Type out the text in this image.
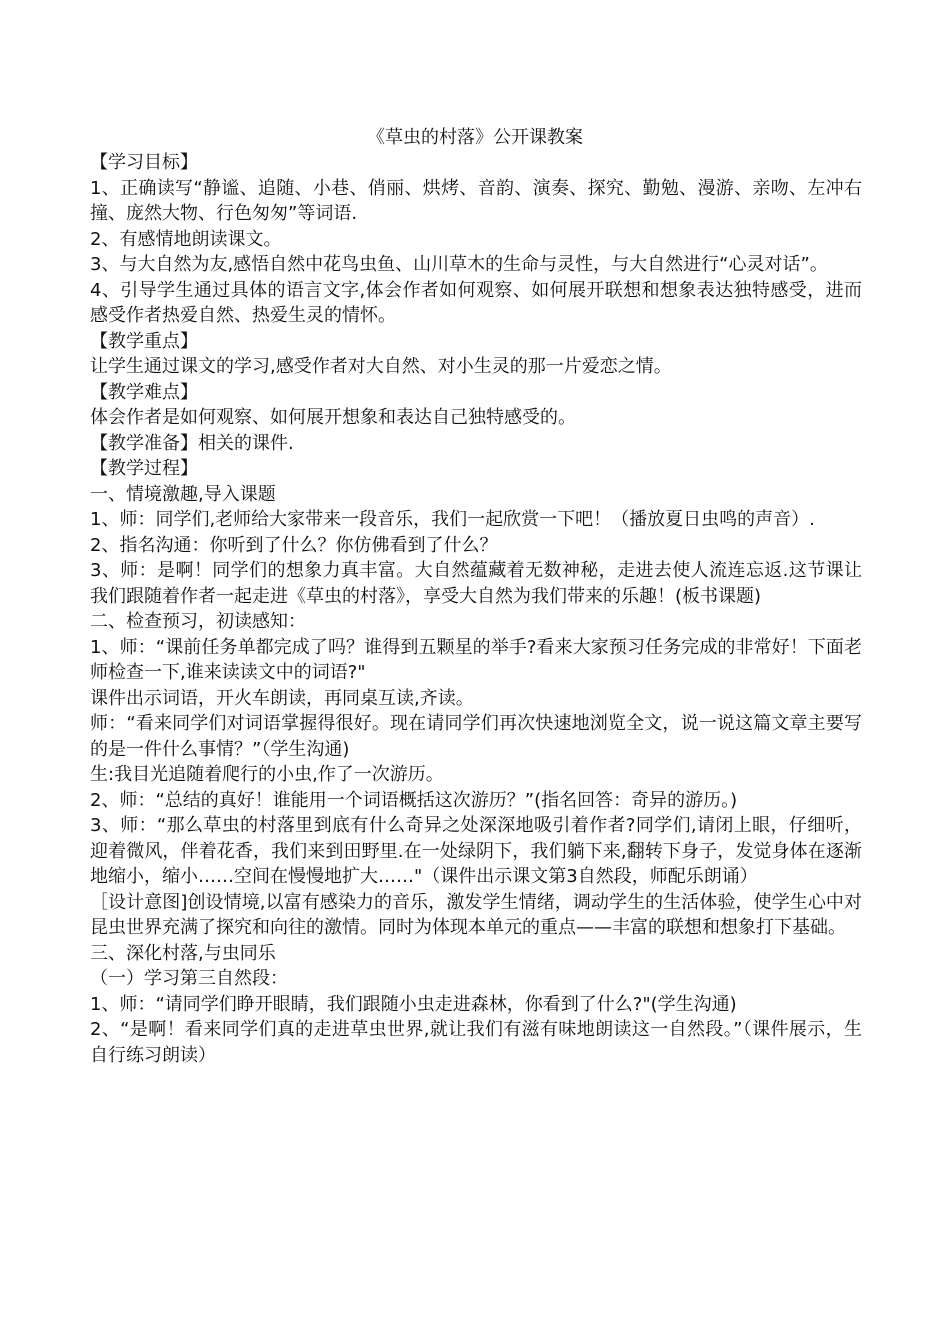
《草虫的村落》公开课教案

【学习目标】

1、正确读写“静谧、追随、小巷、俏丽、烘烤、音韵、演奏、探究、勤勉、漫游、亲吻、左冲右撞、庞然大物、行色匆匆”等词语.

2、有感情地朗读课文。

3、与大自然为友,感悟自然中花鸟虫鱼、山川草木的生命与灵性，与大自然进行“心灵对话”。

4、引导学生通过具体的语言文字,体会作者如何观察、如何展开联想和想象表达独特感受，进而感受作者热爱自然、热爱生灵的情怀。

【教学重点】

让学生通过课文的学习,感受作者对大自然、对小生灵的那一片爱恋之情。

【教学难点】

体会作者是如何观察、如何展开想象和表达自己独特感受的。

【教学准备】相关的课件.

【教学过程】

一、情境激趣,导入课题

1、师：同学们,老师给大家带来一段音乐，我们一起欣赏一下吧！（播放夏日虫鸣的声音）.

2、指名沟通：你听到了什么？你仿佛看到了什么？

3、师：是啊！同学们的想象力真丰富。大自然蕴藏着无数神秘，走进去使人流连忘返.这节课让我们跟随着作者一起走进《草虫的村落》，享受大自然为我们带来的乐趣！(板书课题)

二、检查预习，初读感知：

1、师：“课前任务单都完成了吗？谁得到五颗星的举手?看来大家预习任务完成的非常好！下面老师检查一下,谁来读读文中的词语?"

课件出示词语，开火车朗读，再同桌互读,齐读。

师：“看来同学们对词语掌握得很好。现在请同学们再次快速地浏览全文，说一说这篇文章主要写的是一件什么事情？”（学生沟通)

生:我目光追随着爬行的小虫,作了一次游历。

2、师：“总结的真好！谁能用一个词语概括这次游历？”(指名回答：奇异的游历。)

3、师：“那么草虫的村落里到底有什么奇异之处深深地吸引着作者?同学们,请闭上眼，仔细听，迎着微风，伴着花香，我们来到田野里.在一处绿阴下，我们躺下来,翻转下身子，发觉身体在逐渐地缩小，缩小……空间在慢慢地扩大……"（课件出示课文第3自然段，师配乐朗诵）

［设计意图]创设情境,以富有感染力的音乐，激发学生情绪，调动学生的生活体验，使学生心中对昆虫世界充满了探究和向往的激情。同时为体现本单元的重点——丰富的联想和想象打下基础。

三、深化村落,与虫同乐

（一）学习第三自然段：

1、师：“请同学们睁开眼睛，我们跟随小虫走进森林，你看到了什么?"(学生沟通)

2、“是啊！看来同学们真的走进草虫世界,就让我们有滋有味地朗读这一自然段。”（课件展示，生自行练习朗读）
